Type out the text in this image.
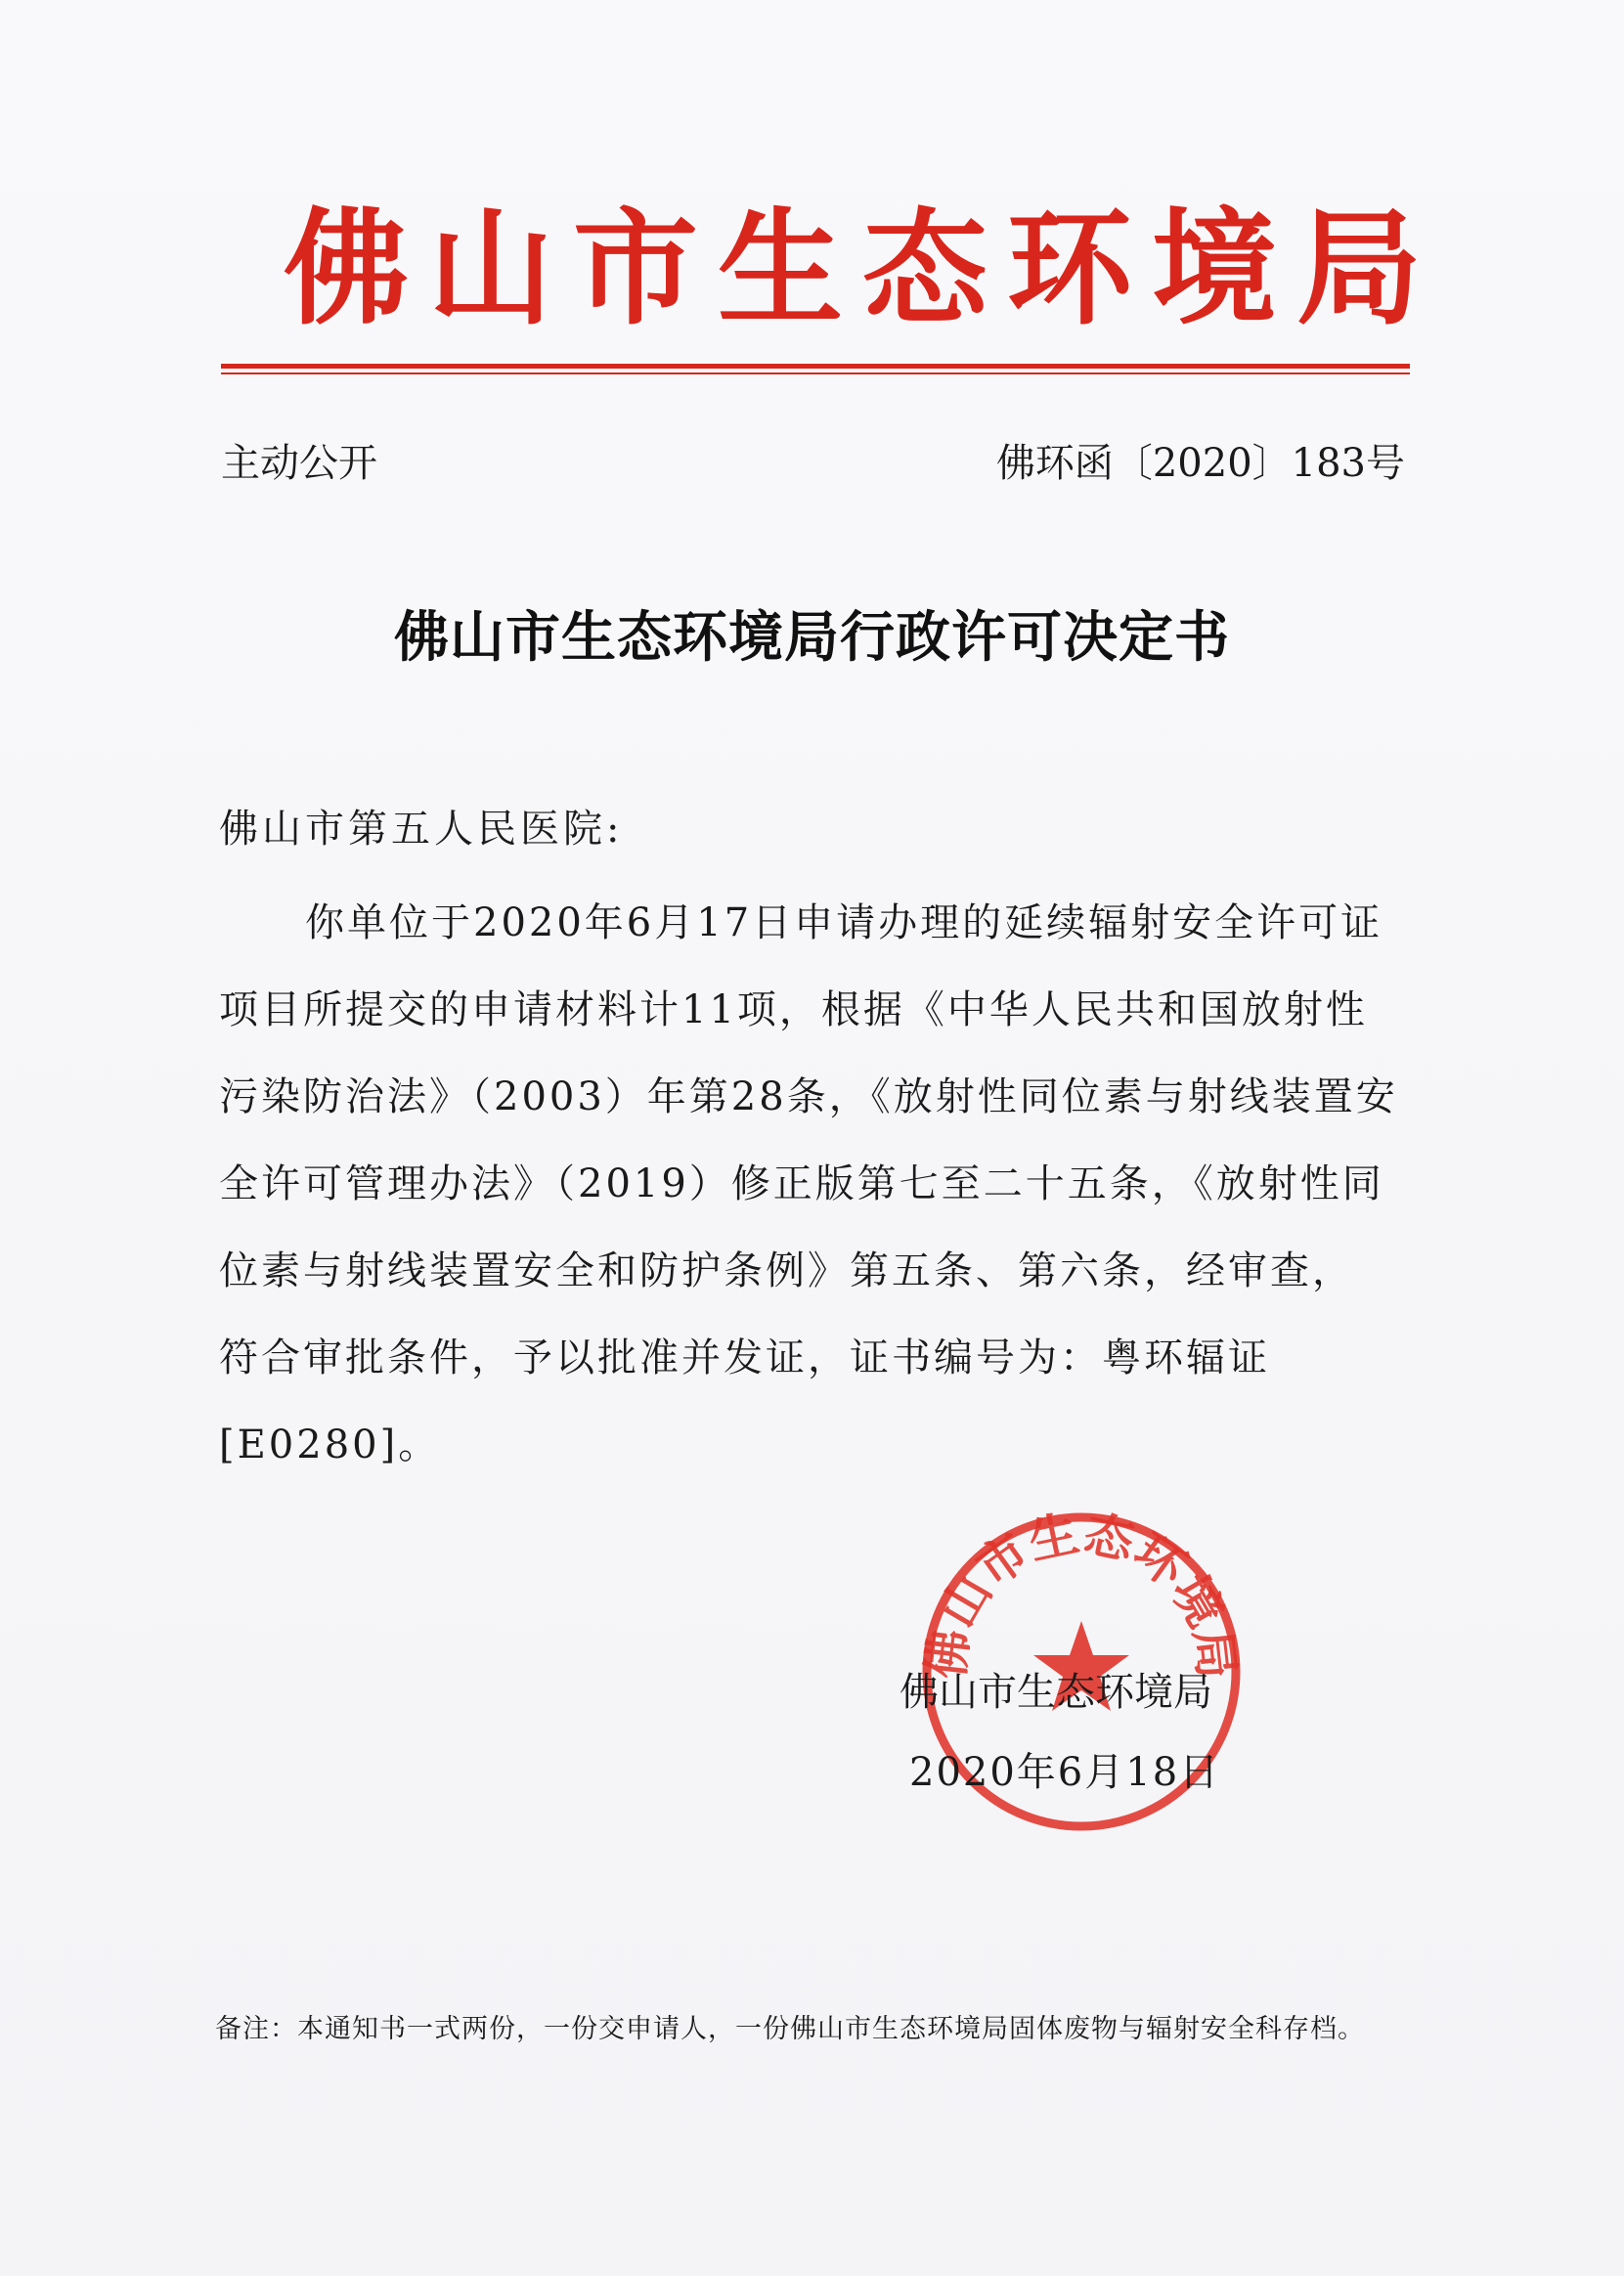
佛山市生态环境局
主动公开	佛环函〔2020〕183号
佛山市生态环境局行政许可决定书
佛山市第五人民医院:
你单位于2020年6月17日申请办理的延续辐射安全许可证
项目所提交的申请材料计11项，根据《中华人民共和国放射性
污染防治法》（2003）年第28条，《放射性同位素与射线装置安
全许可管理办法》（2019）修正版第七至二十五条，《放射性同
位素与射线装置安全和防护条例》第五条、第六条，经审查，
符合审批条件，予以批准并发证，证书编号为：粤环辐证
[E0280]。
佛山市生态环境局
佛山市生态环境局
2020年6月18日
备注：本通知书一式两份，一份交申请人，一份佛山市生态环境局固体废物与辐射安全科存档。
